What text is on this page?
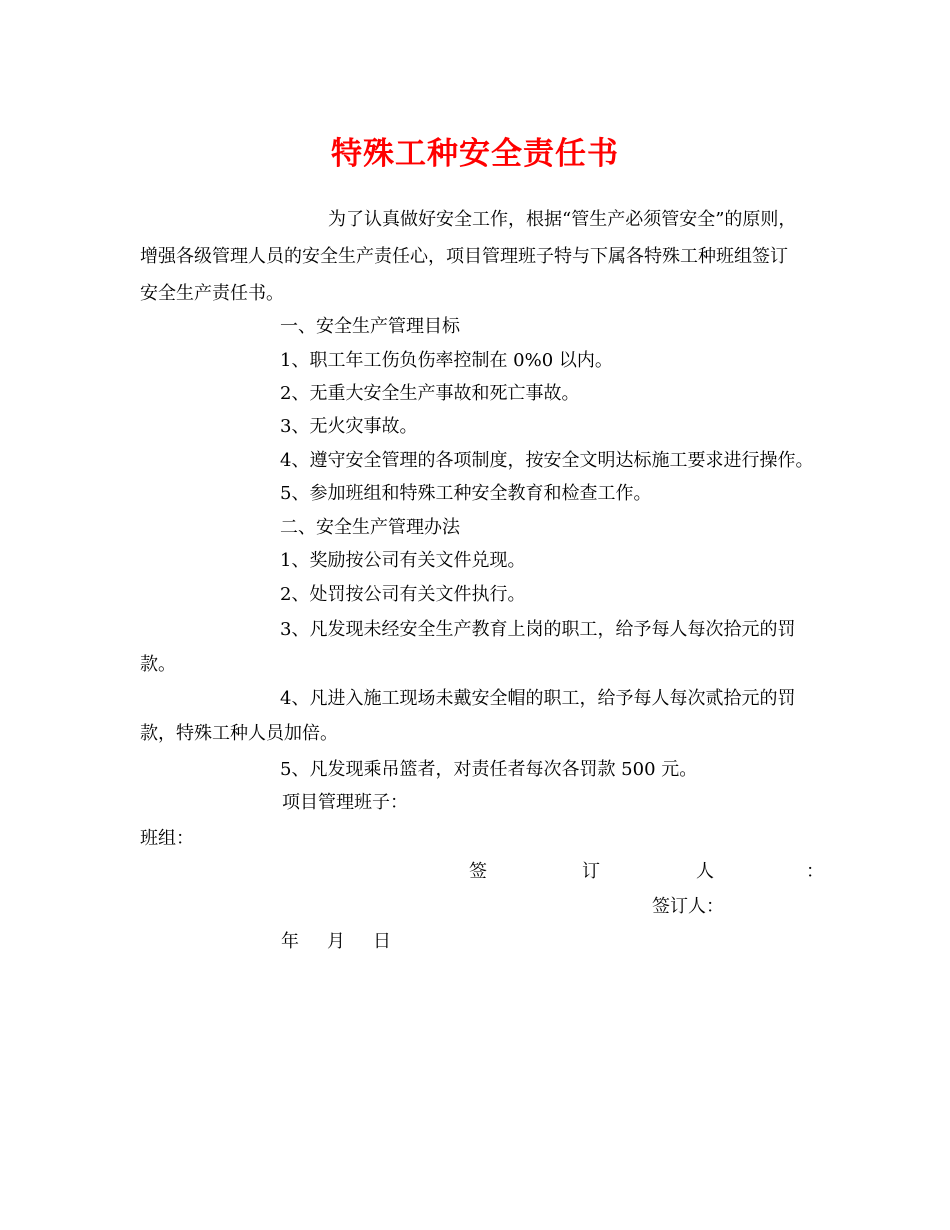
特殊工种安全责任书
为了认真做好安全工作，根据“管生产必须管安全”的原则，
增强各级管理人员的安全生产责任心，项目管理班子特与下属各特殊工种班组签订
安全生产责任书。
一、安全生产管理目标
1、职工年工伤负伤率控制在 0%0 以内。
2、无重大安全生产事故和死亡事故。
3、无火灾事故。
4、遵守安全管理的各项制度，按安全文明达标施工要求进行操作。
5、参加班组和特殊工种安全教育和检查工作。
二、安全生产管理办法
1、奖励按公司有关文件兑现。
2、处罚按公司有关文件执行。
3、凡发现未经安全生产教育上岗的职工，给予每人每次拾元的罚
款。
4、凡进入施工现场未戴安全帽的职工，给予每人每次贰拾元的罚
款，特殊工种人员加倍。
5、凡发现乘吊篮者，对责任者每次各罚款 500 元。
项目管理班子：
班组：
签	订	人	：
签订人：
年 月 日
